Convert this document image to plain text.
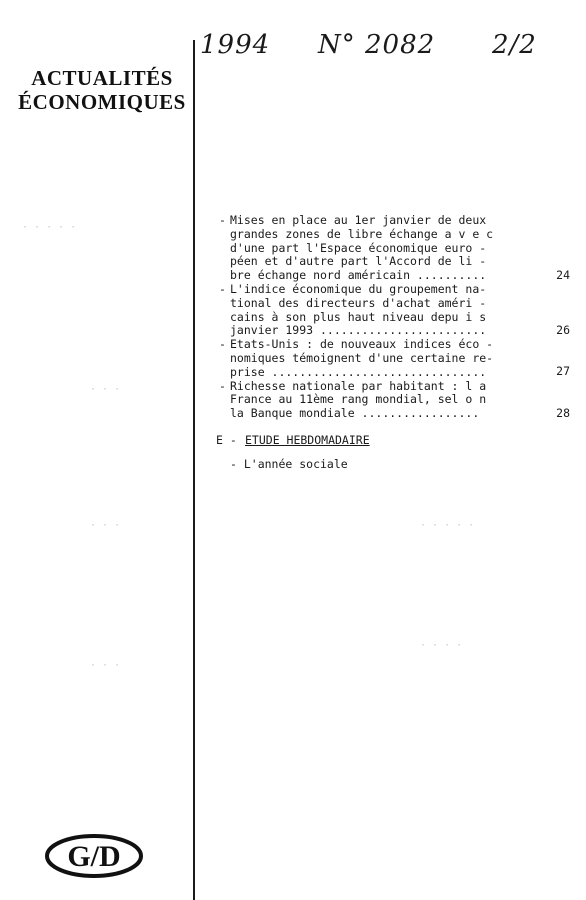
ACTUALITÉS
ÉCONOMIQUES
1994 N° 2082 2/2
- Mises en place au 1er janvier de deux
grandes zones de libre échange a v e c
d'une part l'Espace économique euro -
péen et d'autre part l'Accord de li -
bre échange nord américain ..........	24
- L'indice économique du groupement na-
tional des directeurs d'achat améri -
cains à son plus haut niveau depu i s
janvier 1993 ........................	26
- Etats-Unis : de nouveaux indices éco -
nomiques témoignent d'une certaine re-
prise ...............................	27
- Richesse nationale par habitant : l a
France au 11ème rang mondial, sel o n
la Banque mondiale .................	28
E - ETUDE HEBDOMADAIRE
- L'année sociale
G/D
· · · · ·
· · ·
· · ·
· · ·
· · · · ·
· · · ·
